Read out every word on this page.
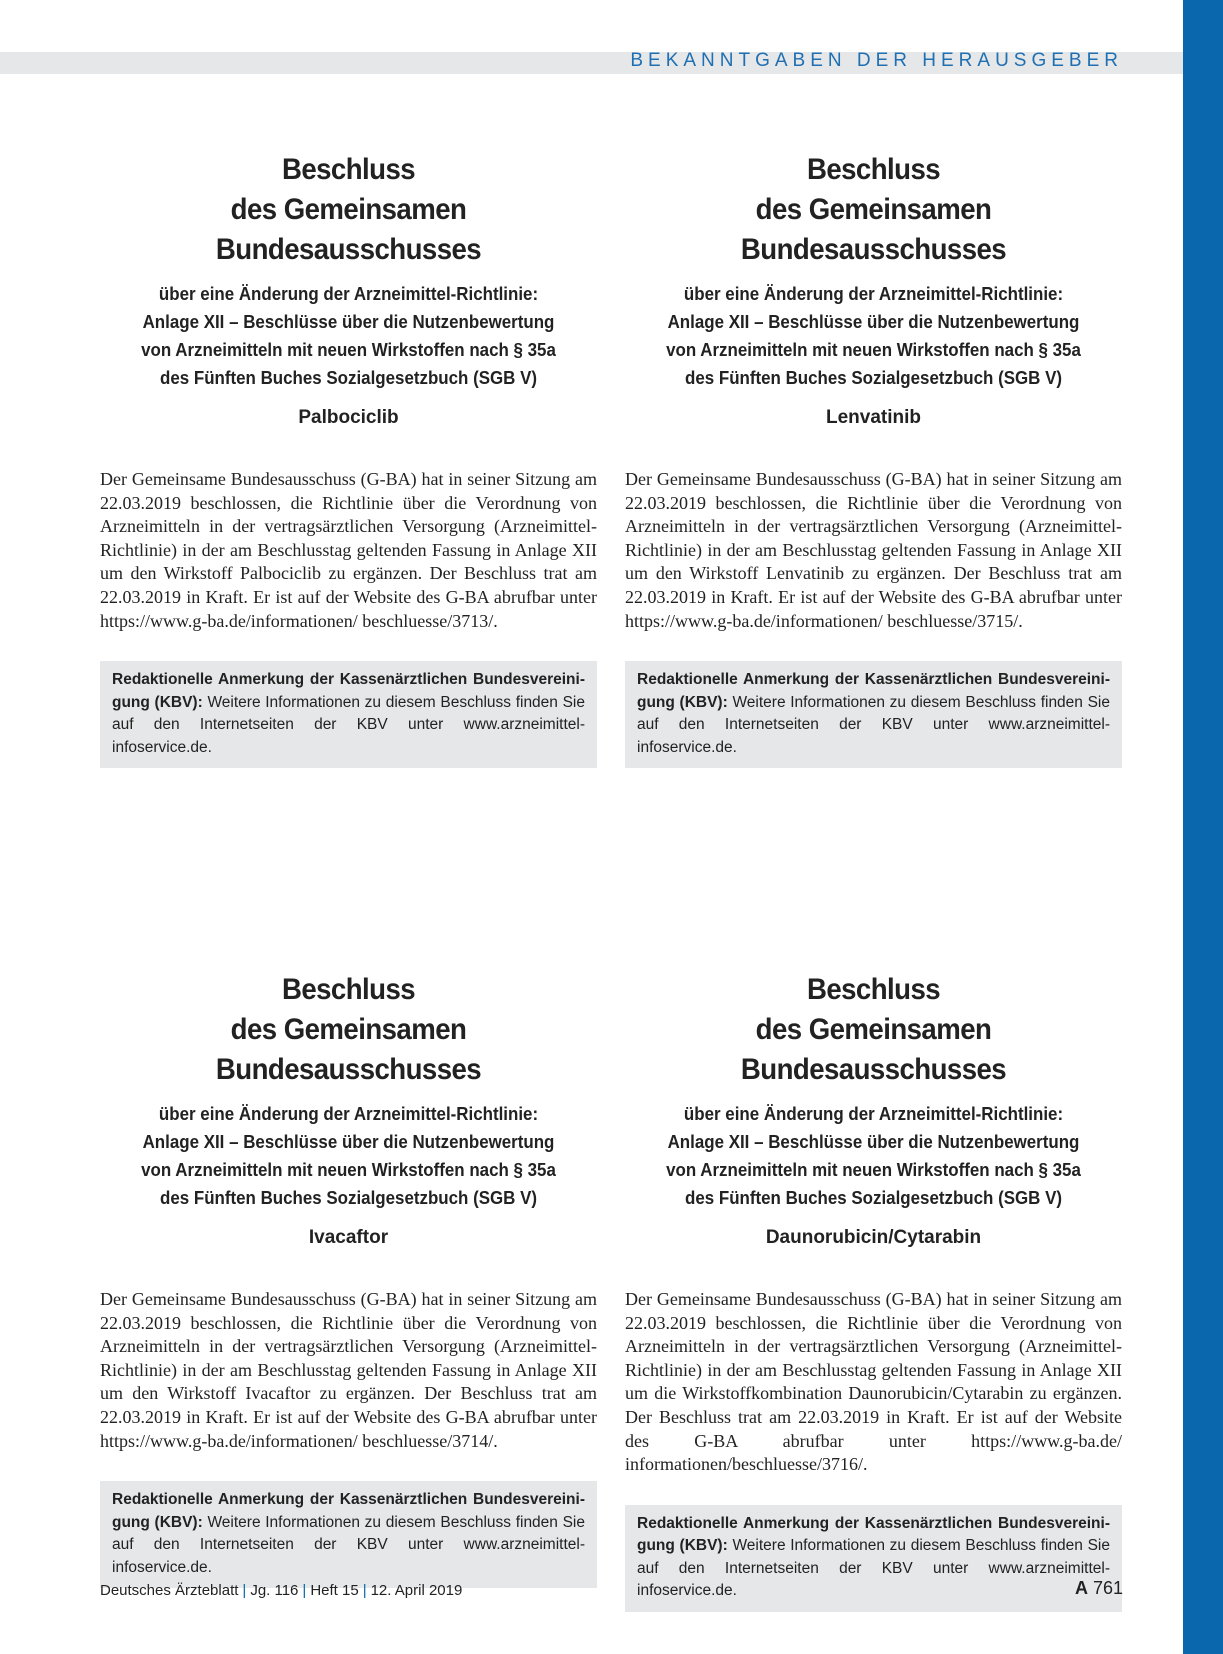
BEKANNTGABEN DER HERAUSGEBER
Beschluss
des Gemeinsamen Bundesausschusses
über eine Änderung der Arzneimittel-Richtlinie:
Anlage XII – Beschlüsse über die Nutzenbewertung
von Arzneimitteln mit neuen Wirkstoffen nach § 35a
des Fünften Buches Sozialgesetzbuch (SGB V)
Palbociclib
Der Gemeinsame Bundesausschuss (G-BA) hat in seiner Sitzung am 22.03.2019 beschlossen, die Richtlinie über die Verordnung von Arzneimitteln in der vertragsärztlichen Versorgung (Arzneimittel-Richtlinie) in der am Beschlusstag geltenden Fassung in Anlage XII um den Wirkstoff Palbociclib zu ergänzen. Der Beschluss trat am 22.03.2019 in Kraft. Er ist auf der Website des G-BA abrufbar unter https://www.g-ba.de/informationen/ beschluesse/3713/.
Redaktionelle Anmerkung der Kassenärztlichen Bundesvereinigung (KBV): Weitere Informationen zu diesem Beschluss finden Sie auf den Internetseiten der KBV unter www.arzneimittel-infoservice.de.
Beschluss
des Gemeinsamen Bundesausschusses
über eine Änderung der Arzneimittel-Richtlinie:
Anlage XII – Beschlüsse über die Nutzenbewertung
von Arzneimitteln mit neuen Wirkstoffen nach § 35a
des Fünften Buches Sozialgesetzbuch (SGB V)
Lenvatinib
Der Gemeinsame Bundesausschuss (G-BA) hat in seiner Sitzung am 22.03.2019 beschlossen, die Richtlinie über die Verordnung von Arzneimitteln in der vertragsärztlichen Versorgung (Arzneimittel-Richtlinie) in der am Beschlusstag geltenden Fassung in Anlage XII um den Wirkstoff Lenvatinib zu ergänzen. Der Beschluss trat am 22.03.2019 in Kraft. Er ist auf der Website des G-BA abrufbar unter https://www.g-ba.de/informationen/ beschluesse/3715/.
Redaktionelle Anmerkung der Kassenärztlichen Bundesvereinigung (KBV): Weitere Informationen zu diesem Beschluss finden Sie auf den Internetseiten der KBV unter www.arzneimittel-infoservice.de.
Beschluss
des Gemeinsamen Bundesausschusses
über eine Änderung der Arzneimittel-Richtlinie:
Anlage XII – Beschlüsse über die Nutzenbewertung
von Arzneimitteln mit neuen Wirkstoffen nach § 35a
des Fünften Buches Sozialgesetzbuch (SGB V)
Ivacaftor
Der Gemeinsame Bundesausschuss (G-BA) hat in seiner Sitzung am 22.03.2019 beschlossen, die Richtlinie über die Verordnung von Arzneimitteln in der vertragsärztlichen Versorgung (Arzneimittel-Richtlinie) in der am Beschlusstag geltenden Fassung in Anlage XII um den Wirkstoff Ivacaftor zu ergänzen. Der Beschluss trat am 22.03.2019 in Kraft. Er ist auf der Website des G-BA abrufbar unter https://www.g-ba.de/informationen/ beschluesse/3714/.
Redaktionelle Anmerkung der Kassenärztlichen Bundesvereinigung (KBV): Weitere Informationen zu diesem Beschluss finden Sie auf den Internetseiten der KBV unter www.arzneimittel-infoservice.de.
Beschluss
des Gemeinsamen Bundesausschusses
über eine Änderung der Arzneimittel-Richtlinie:
Anlage XII – Beschlüsse über die Nutzenbewertung
von Arzneimitteln mit neuen Wirkstoffen nach § 35a
des Fünften Buches Sozialgesetzbuch (SGB V)
Daunorubicin/Cytarabin
Der Gemeinsame Bundesausschuss (G-BA) hat in seiner Sitzung am 22.03.2019 beschlossen, die Richtlinie über die Verordnung von Arzneimitteln in der vertragsärztlichen Versorgung (Arzneimittel-Richtlinie) in der am Beschlusstag geltenden Fassung in Anlage XII um die Wirkstoffkombination Daunorubicin/Cytarabin zu ergänzen. Der Beschluss trat am 22.03.2019 in Kraft. Er ist auf der Website des G-BA abrufbar unter https://www.g-ba.de/ informationen/beschluesse/3716/.
Redaktionelle Anmerkung der Kassenärztlichen Bundesvereinigung (KBV): Weitere Informationen zu diesem Beschluss finden Sie auf den Internetseiten der KBV unter www.arzneimittel-infoservice.de.
Deutsches Ärzteblatt | Jg. 116 | Heft 15 | 12. April 2019	A 761
